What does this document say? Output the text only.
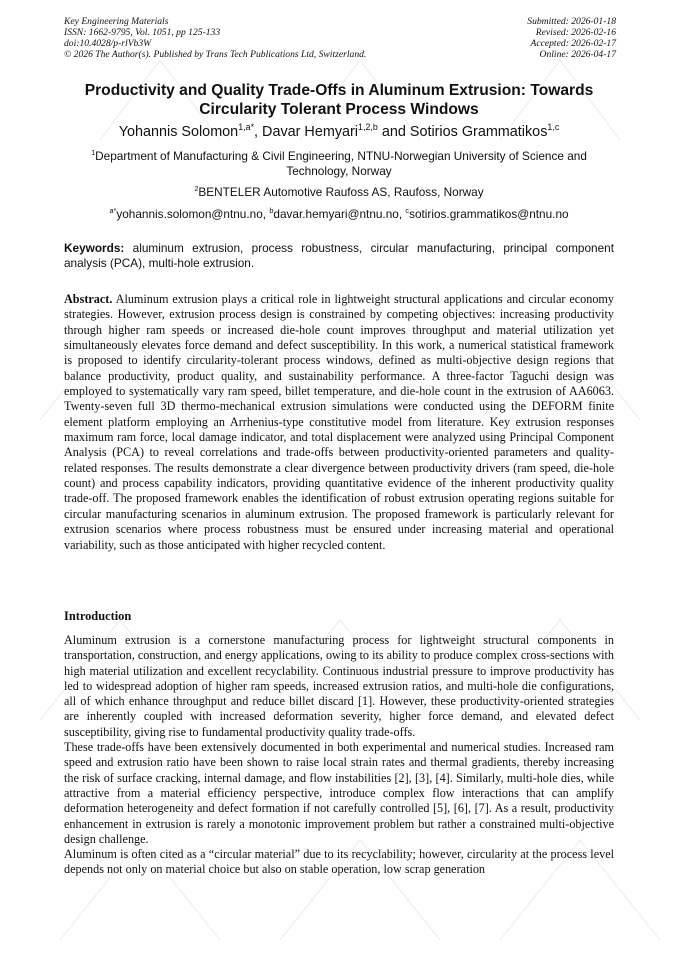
Key Engineering Materials
ISSN: 1662-9795, Vol. 1051, pp 125-133
doi:10.4028/p-rlVb3W
© 2026 The Author(s). Published by Trans Tech Publications Ltd, Switzerland.
Submitted: 2026-01-18
Revised: 2026-02-16
Accepted: 2026-02-17
Online: 2026-04-17
Productivity and Quality Trade-Offs in Aluminum Extrusion: Towards
Circularity Tolerant Process Windows
Yohannis Solomon$^{1,a*}$, Davar Hemyari$^{1,2,b}$ and Sotirios Grammatikos$^{1,c}$
$^1$Department of Manufacturing & Civil Engineering, NTNU-Norwegian University of Science and Technology, Norway
$^2$BENTELER Automotive Raufoss AS, Raufoss, Norway
$^{a*}$yohannis.solomon@ntnu.no, $^b$davar.hemyari@ntnu.no, $^c$sotirios.grammatikos@ntnu.no
Keywords: aluminum extrusion, process robustness, circular manufacturing, principal component analysis (PCA), multi-hole extrusion.
Abstract. Aluminum extrusion plays a critical role in lightweight structural applications and circular economy strategies. However, extrusion process design is constrained by competing objectives: increasing productivity through higher ram speeds or increased die-hole count improves throughput and material utilization yet simultaneously elevates force demand and defect susceptibility. In this work, a numerical statistical framework is proposed to identify circularity-tolerant process windows, defined as multi-objective design regions that balance productivity, product quality, and sustainability performance. A three-factor Taguchi design was employed to systematically vary ram speed, billet temperature, and die-hole count in the extrusion of AA6063. Twenty-seven full 3D thermo-mechanical extrusion simulations were conducted using the DEFORM finite element platform employing an Arrhenius-type constitutive model from literature. Key extrusion responses maximum ram force, local damage indicator, and total displacement were analyzed using Principal Component Analysis (PCA) to reveal correlations and trade-offs between productivity-oriented parameters and quality-related responses. The results demonstrate a clear divergence between productivity drivers (ram speed, die-hole count) and process capability indicators, providing quantitative evidence of the inherent productivity quality trade-off. The proposed framework enables the identification of robust extrusion operating regions suitable for circular manufacturing scenarios in aluminum extrusion. The proposed framework is particularly relevant for extrusion scenarios where process robustness must be ensured under increasing material and operational variability, such as those anticipated with higher recycled content.
Introduction

Aluminum extrusion is a cornerstone manufacturing process for lightweight structural components in transportation, construction, and energy applications, owing to its ability to produce complex cross-sections with high material utilization and excellent recyclability. Continuous industrial pressure to improve productivity has led to widespread adoption of higher ram speeds, increased extrusion ratios, and multi-hole die configurations, all of which enhance throughput and reduce billet discard [1]. However, these productivity-oriented strategies are inherently coupled with increased deformation severity, higher force demand, and elevated defect susceptibility, giving rise to fundamental productivity quality trade-offs.

These trade-offs have been extensively documented in both experimental and numerical studies. Increased ram speed and extrusion ratio have been shown to raise local strain rates and thermal gradients, thereby increasing the risk of surface cracking, internal damage, and flow instabilities [2], [3], [4]. Similarly, multi-hole dies, while attractive from a material efficiency perspective, introduce complex flow interactions that can amplify deformation heterogeneity and defect formation if not carefully controlled [5], [6], [7]. As a result, productivity enhancement in extrusion is rarely a monotonic improvement problem but rather a constrained multi-objective design challenge.

Aluminum is often cited as a “circular material” due to its recyclability; however, circularity at the process level depends not only on material choice but also on stable operation, low scrap generation
